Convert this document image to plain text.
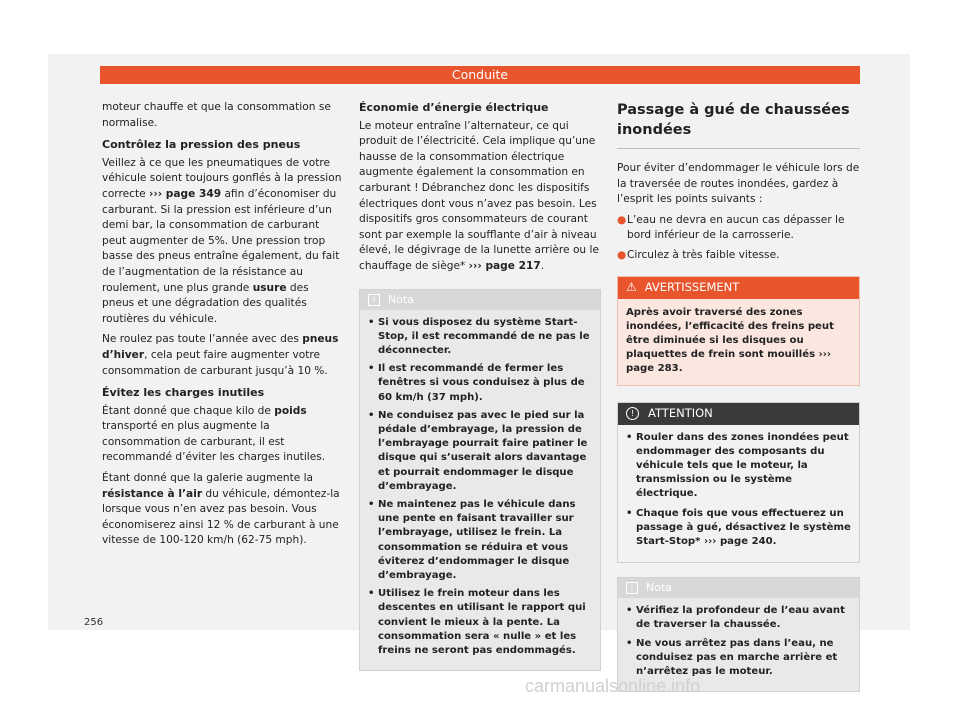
Conduite

moteur chauffe et que la consommation se normalise.

Contrôlez la pression des pneus

Veillez à ce que les pneumatiques de votre véhicule soient toujours gonflés à la pression correcte ››› page 349 afin d’économiser du carburant. Si la pression est inférieure d’un demi bar, la consommation de carburant peut augmenter de 5%. Une pression trop basse des pneus entraîne également, du fait de l’augmentation de la résistance au roulement, une plus grande usure des pneus et une dégradation des qualités routières du véhicule.

Ne roulez pas toute l’année avec des pneus d’hiver, cela peut faire augmenter votre consommation de carburant jusqu’à 10 %.

Évitez les charges inutiles

Étant donné que chaque kilo de poids transporté en plus augmente la consommation de carburant, il est recommandé d’éviter les charges inutiles.

Étant donné que la galerie augmente la résistance à l’air du véhicule, démontez-la lorsque vous n’en avez pas besoin. Vous économiserez ainsi 12 % de carburant à une vitesse de 100-120 km/h (62-75 mph).

Économie d’énergie électrique

Le moteur entraîne l’alternateur, ce qui produit de l’électricité. Cela implique qu’une hausse de la consommation électrique augmente également la consommation en carburant ! Débranchez donc les dispositifs électriques dont vous n’avez pas besoin. Les dispositifs gros consommateurs de courant sont par exemple la soufflante d’air à niveau élevé, le dégivrage de la lunette arrière ou le chauffage de siège* ››› page 217.

i	Nota
• Si vous disposez du système Start-Stop, il est recommandé de ne pas le déconnecter.
• Il est recommandé de fermer les fenêtres si vous conduisez à plus de 60 km/h (37 mph).
• Ne conduisez pas avec le pied sur la pédale d’embrayage, la pression de l’embrayage pourrait faire patiner le disque qui s’userait alors davantage et pourrait endommager le disque d’embrayage.
• Ne maintenez pas le véhicule dans une pente en faisant travailler sur l’embrayage, utilisez le frein. La consommation se réduira et vous éviterez d’endommager le disque d’embrayage.
• Utilisez le frein moteur dans les descentes en utilisant le rapport qui convient le mieux à la pente. La consommation sera « nulle » et les freins ne seront pas endommagés.
Passage à gué de chaussées inondées

Pour éviter d’endommager le véhicule lors de la traversée de routes inondées, gardez à l’esprit les points suivants :

● L’eau ne devra en aucun cas dépasser le bord inférieur de la carrosserie.
● Circulez à très faible vitesse.
⚠ AVERTISSEMENT
Après avoir traversé des zones inondées, l’efficacité des freins peut être diminuée si les disques ou plaquettes de frein sont mouillés ››› page 283.
!	ATTENTION
• Rouler dans des zones inondées peut endommager des composants du véhicule tels que le moteur, la transmission ou le système électrique.
• Chaque fois que vous effectuerez un passage à gué, désactivez le système Start-Stop* ››› page 240.
i	Nota
• Vérifiez la profondeur de l’eau avant de traverser la chaussée.
• Ne vous arrêtez pas dans l’eau, ne conduisez pas en marche arrière et n’arrêtez pas le moteur.
256
carmanualsonline.info
